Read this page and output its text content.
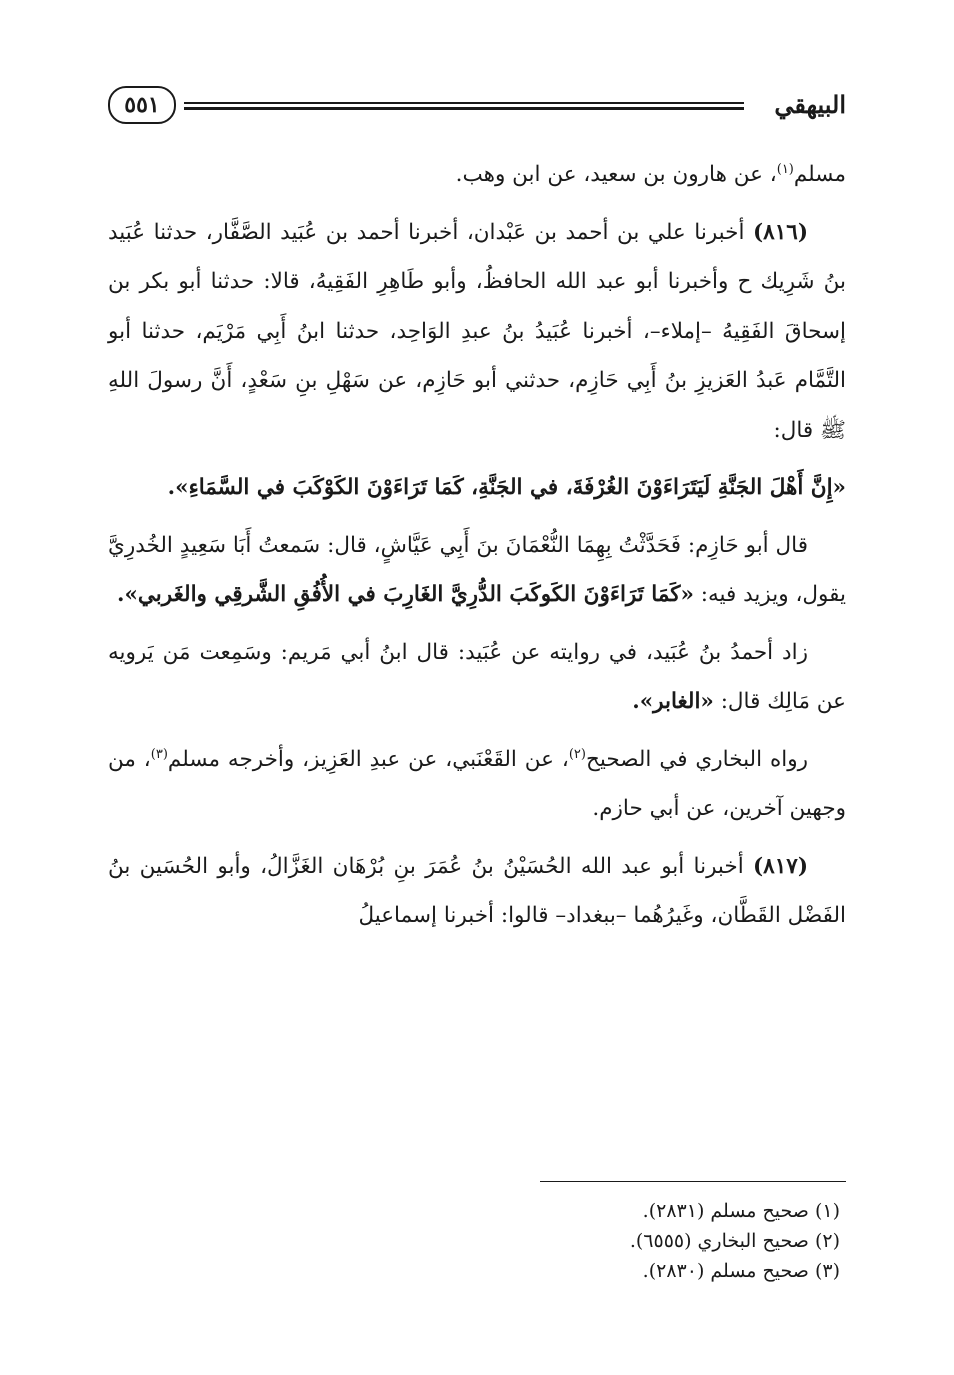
٥٥١	البيهقي

مسلم$^{(١)}$، عن هارون بن سعيد، عن ابن وهب.

(٨١٦) أخبرنا علي بن أحمد بن عَبْدان، أخبرنا أحمد بن عُبَيد الصَّفَّار، حدثنا عُبَيد بنُ شَرِيك ح وأخبرنا أبو عبد الله الحافظُ، وأبو طَاهِرِ الفَقِيهُ، قالا: حدثنا أبو بكر بن إسحاقَ الفَقِيهُ –إملاء–، أخبرنا عُبَيدُ بنُ عبدِ الوَاحِد، حدثنا ابنُ أَبِي مَرْيَم، حدثنا أبو التَّمَّام عَبدُ العَزيزِ بنُ أَبِي حَازِم، حدثني أبو حَازِم، عن سَهْلِ بنِ سَعْدٍ، أَنَّ رسولَ اللهِ ﷺ قال:

«إِنَّ أَهْلَ الجَنَّةِ لَيَتَرَاءَوْنَ الغُرْفَةَ، في الجَنَّةِ، كَمَا تَرَاءَوْنَ الكَوْكَبَ في السَّمَاءِ».

قال أبو حَازِم: فَحَدَّثْتُ بِهِمَا النُّعْمَانَ بنَ أَبِي عَيَّاشٍ، قال: سَمعتُ أَبَا سَعِيدٍ الخُدرِيَّ يقول، ويزيد فيه: «كَمَا تَرَاءَوْنَ الكَوكَبَ الدُّرِيَّ الغَارِبَ في الأُفُقِ الشَّرقِي والغَربي».

زاد أحمدُ بنُ عُبَيد، في روايته عن عُبَيد: قال ابنُ أبي مَريم: وسَمِعت مَن يَرويه عن مَالِك قال: «الغابر».

رواه البخاري في الصحيح$^{(٢)}$، عن القَعْنَبي، عن عبدِ العَزِيز، وأخرجه مسلم$^{(٣)}$، من وجهين آخرين، عن أبي حازم.

(٨١٧) أخبرنا أبو عبد الله الحُسَيْنُ بنُ عُمَرَ بنِ بُرْهَان الغَزَّالُ، وأبو الحُسَين بنُ الفَضْل القَطَّان، وغَيرُهُما –ببغداد– قالوا: أخبرنا إسماعيلُ

(١) صحيح مسلم (٢٨٣١).
(٢) صحيح البخاري (٦٥٥٥).
(٣) صحيح مسلم (٢٨٣٠).
